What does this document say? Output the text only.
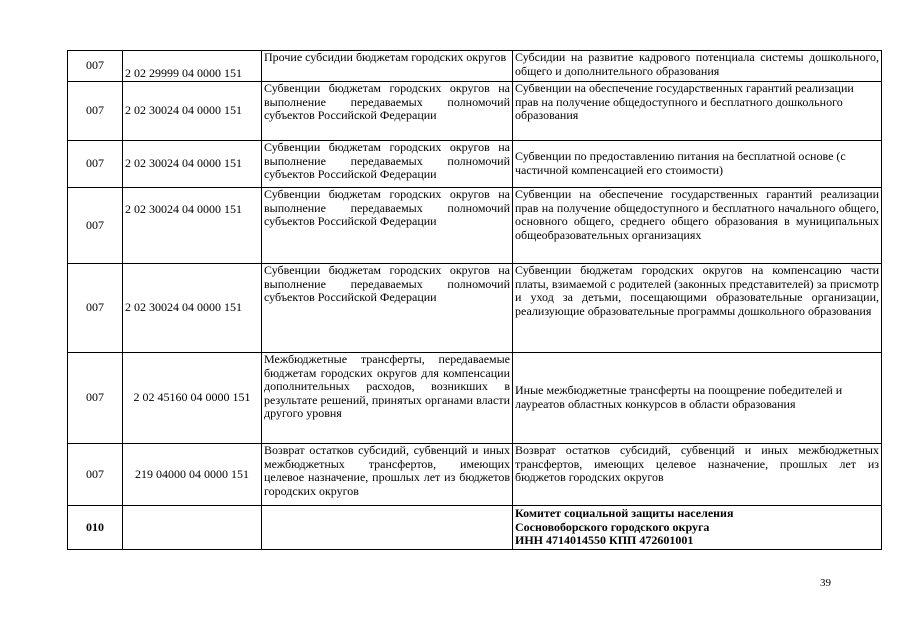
007	2 02 29999 04 0000 151	Прочие субсидии бюджетам городских округов	Субсидии на развитие кадрового потенциала системы дошкольного, общего и дополнительного образования
007	2 02 30024 04 0000 151	Субвенции бюджетам городских округов на выполнение передаваемых полномочий субъектов Российской Федерации	Субвенции на обеспечение государственных гарантий реализации прав на получение общедоступного и бесплатного дошкольного образования
007	2 02 30024 04 0000 151	Субвенции бюджетам городских округов на выполнение передаваемых полномочий субъектов Российской Федерации	Субвенции по предоставлению питания на бесплатной основе (с частичной компенсацией его стоимости)
007	2 02 30024 04 0000 151	Субвенции бюджетам городских округов на выполнение передаваемых полномочий субъектов Российской Федерации	Субвенции на обеспечение государственных гарантий реализации прав на получение общедоступного и бесплатного начального общего, основного общего, среднего общего образования в муниципальных общеобразовательных организациях
007	2 02 30024 04 0000 151	Субвенции бюджетам городских округов на выполнение передаваемых полномочий субъектов Российской Федерации	Субвенции бюджетам городских округов на компенсацию части платы, взимаемой с родителей (законных представителей) за присмотр и уход за детьми, посещающими образовательные организации, реализующие образовательные программы дошкольного образования
007	2 02 45160 04 0000 151	Межбюджетные трансферты, передаваемые бюджетам городских округов для компенсации дополнительных расходов, возникших в результате решений, принятых органами власти другого уровня	Иные межбюджетные трансферты на поощрение победителей и лауреатов областных конкурсов в области образования
007	219 04000 04 0000 151	Возврат остатков субсидий, субвенций и иных межбюджетных трансфертов, имеющих целевое назначение, прошлых лет из бюджетов городских округов	Возврат остатков субсидий, субвенций и иных межбюджетных трансфертов, имеющих целевое назначение, прошлых лет из бюджетов городских округов
010			Комитет социальной защиты населения
Сосновоборского городского округа
ИНН 4714014550 КПП 472601001
39
